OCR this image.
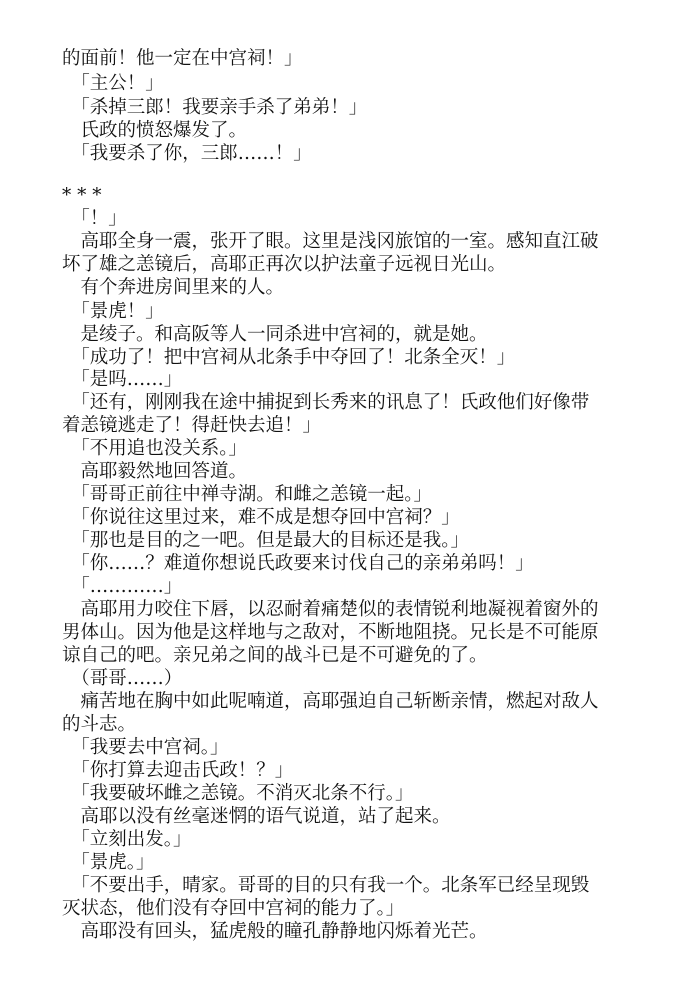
的面前！他一定在中宫祠！」
　「主公！」
　「杀掉三郎！我要亲手杀了弟弟！」
　氏政的愤怒爆发了。
　「我要杀了你，三郎……！」
* * *
　「！」
　高耶全身一震，张开了眼。这里是浅冈旅馆的一室。感知直江破
坏了雄之恙镜后，高耶正再次以护法童子远视日光山。
　有个奔进房间里来的人。
　「景虎！」
　是绫子。和高阪等人一同杀进中宫祠的，就是她。
　「成功了！把中宫祠从北条手中夺回了！北条全灭！」
　「是吗……」
　「还有，刚刚我在途中捕捉到长秀来的讯息了！氏政他们好像带
着恙镜逃走了！得赶快去追！」
　「不用追也没关系。」
　高耶毅然地回答道。
　「哥哥正前往中禅寺湖。和雌之恙镜一起。」
　「你说往这里过来，难不成是想夺回中宫祠？」
　「那也是目的之一吧。但是最大的目标还是我。」
　「你……？难道你想说氏政要来讨伐自己的亲弟弟吗！」
　「…………」
　高耶用力咬住下唇，以忍耐着痛楚似的表情锐利地凝视着窗外的
男体山。因为他是这样地与之敌对，不断地阻挠。兄长是不可能原
谅自己的吧。亲兄弟之间的战斗已是不可避免的了。
　（哥哥……）
　痛苦地在胸中如此呢喃道，高耶强迫自己斩断亲情，燃起对敌人
的斗志。
　「我要去中宫祠。」
　「你打算去迎击氏政！？」
　「我要破坏雌之恙镜。不消灭北条不行。」
　高耶以没有丝毫迷惘的语气说道，站了起来。
　「立刻出发。」
　「景虎。」
　「不要出手，晴家。哥哥的目的只有我一个。北条军已经呈现毁
灭状态，他们没有夺回中宫祠的能力了。」
　高耶没有回头，猛虎般的瞳孔静静地闪烁着光芒。
